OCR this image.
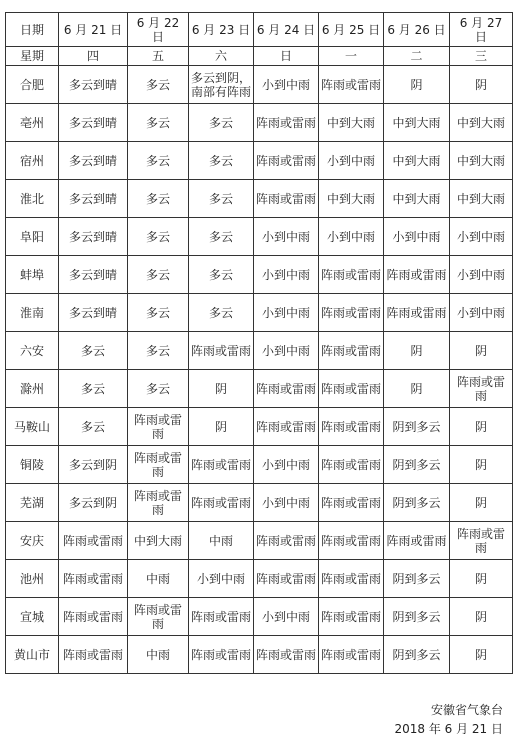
日期	6 月 21 日	6 月 22 日	6 月 23 日	6 月 24 日	6 月 25 日	6 月 26 日	6 月 27 日
星期	四	五	六	日	一	二	三
合肥	多云到晴	多云	多云到阴，南部有阵雨	小到中雨	阵雨或雷雨	阴	阴
亳州	多云到晴	多云	多云	阵雨或雷雨	中到大雨	中到大雨	中到大雨
宿州	多云到晴	多云	多云	阵雨或雷雨	小到中雨	中到大雨	中到大雨
淮北	多云到晴	多云	多云	阵雨或雷雨	中到大雨	中到大雨	中到大雨
阜阳	多云到晴	多云	多云	小到中雨	小到中雨	小到中雨	小到中雨
蚌埠	多云到晴	多云	多云	小到中雨	阵雨或雷雨	阵雨或雷雨	小到中雨
淮南	多云到晴	多云	多云	小到中雨	阵雨或雷雨	阵雨或雷雨	小到中雨
六安	多云	多云	阵雨或雷雨	小到中雨	阵雨或雷雨	阴	阴
滁州	多云	多云	阴	阵雨或雷雨	阵雨或雷雨	阴	阵雨或雷雨
马鞍山	多云	阵雨或雷雨	阴	阵雨或雷雨	阵雨或雷雨	阴到多云	阴
铜陵	多云到阴	阵雨或雷雨	阵雨或雷雨	小到中雨	阵雨或雷雨	阴到多云	阴
芜湖	多云到阴	阵雨或雷雨	阵雨或雷雨	小到中雨	阵雨或雷雨	阴到多云	阴
安庆	阵雨或雷雨	中到大雨	中雨	阵雨或雷雨	阵雨或雷雨	阵雨或雷雨	阵雨或雷雨
池州	阵雨或雷雨	中雨	小到中雨	阵雨或雷雨	阵雨或雷雨	阴到多云	阴
宣城	阵雨或雷雨	阵雨或雷雨	阵雨或雷雨	小到中雨	阵雨或雷雨	阴到多云	阴
黄山市	阵雨或雷雨	中雨	阵雨或雷雨	阵雨或雷雨	阵雨或雷雨	阴到多云	阴
安徽省气象台
2018 年 6 月 21 日
